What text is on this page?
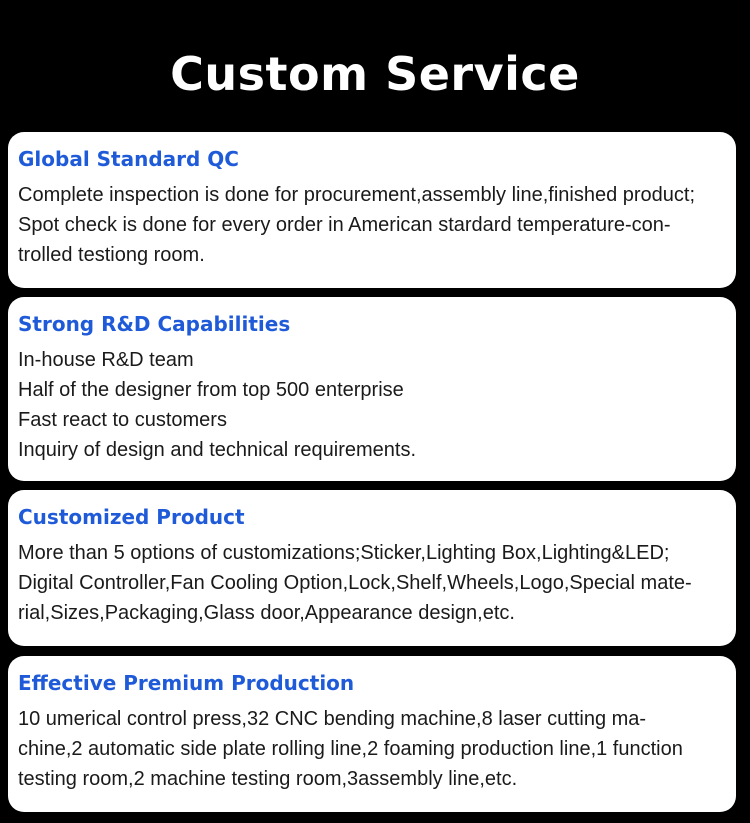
Custom Service
Global Standard QC
Complete inspection is done for procurement,assembly line,finished product;
Spot check is done for every order in American stardard temperature-con-
trolled testiong room.
Strong R&D Capabilities
In-house R&D team
Half of the designer from top 500 enterprise
Fast react to customers
Inquiry of design and technical requirements.
Customized Product
More than 5 options of customizations;Sticker,Lighting Box,Lighting&LED;
Digital Controller,Fan Cooling Option,Lock,Shelf,Wheels,Logo,Special mate-
rial,Sizes,Packaging,Glass door,Appearance design,etc.
Effective Premium Production
10 umerical control press,32 CNC bending machine,8 laser cutting ma-
chine,2 automatic side plate rolling line,2 foaming production line,1 function
testing room,2 machine testing room,3assembly line,etc.
